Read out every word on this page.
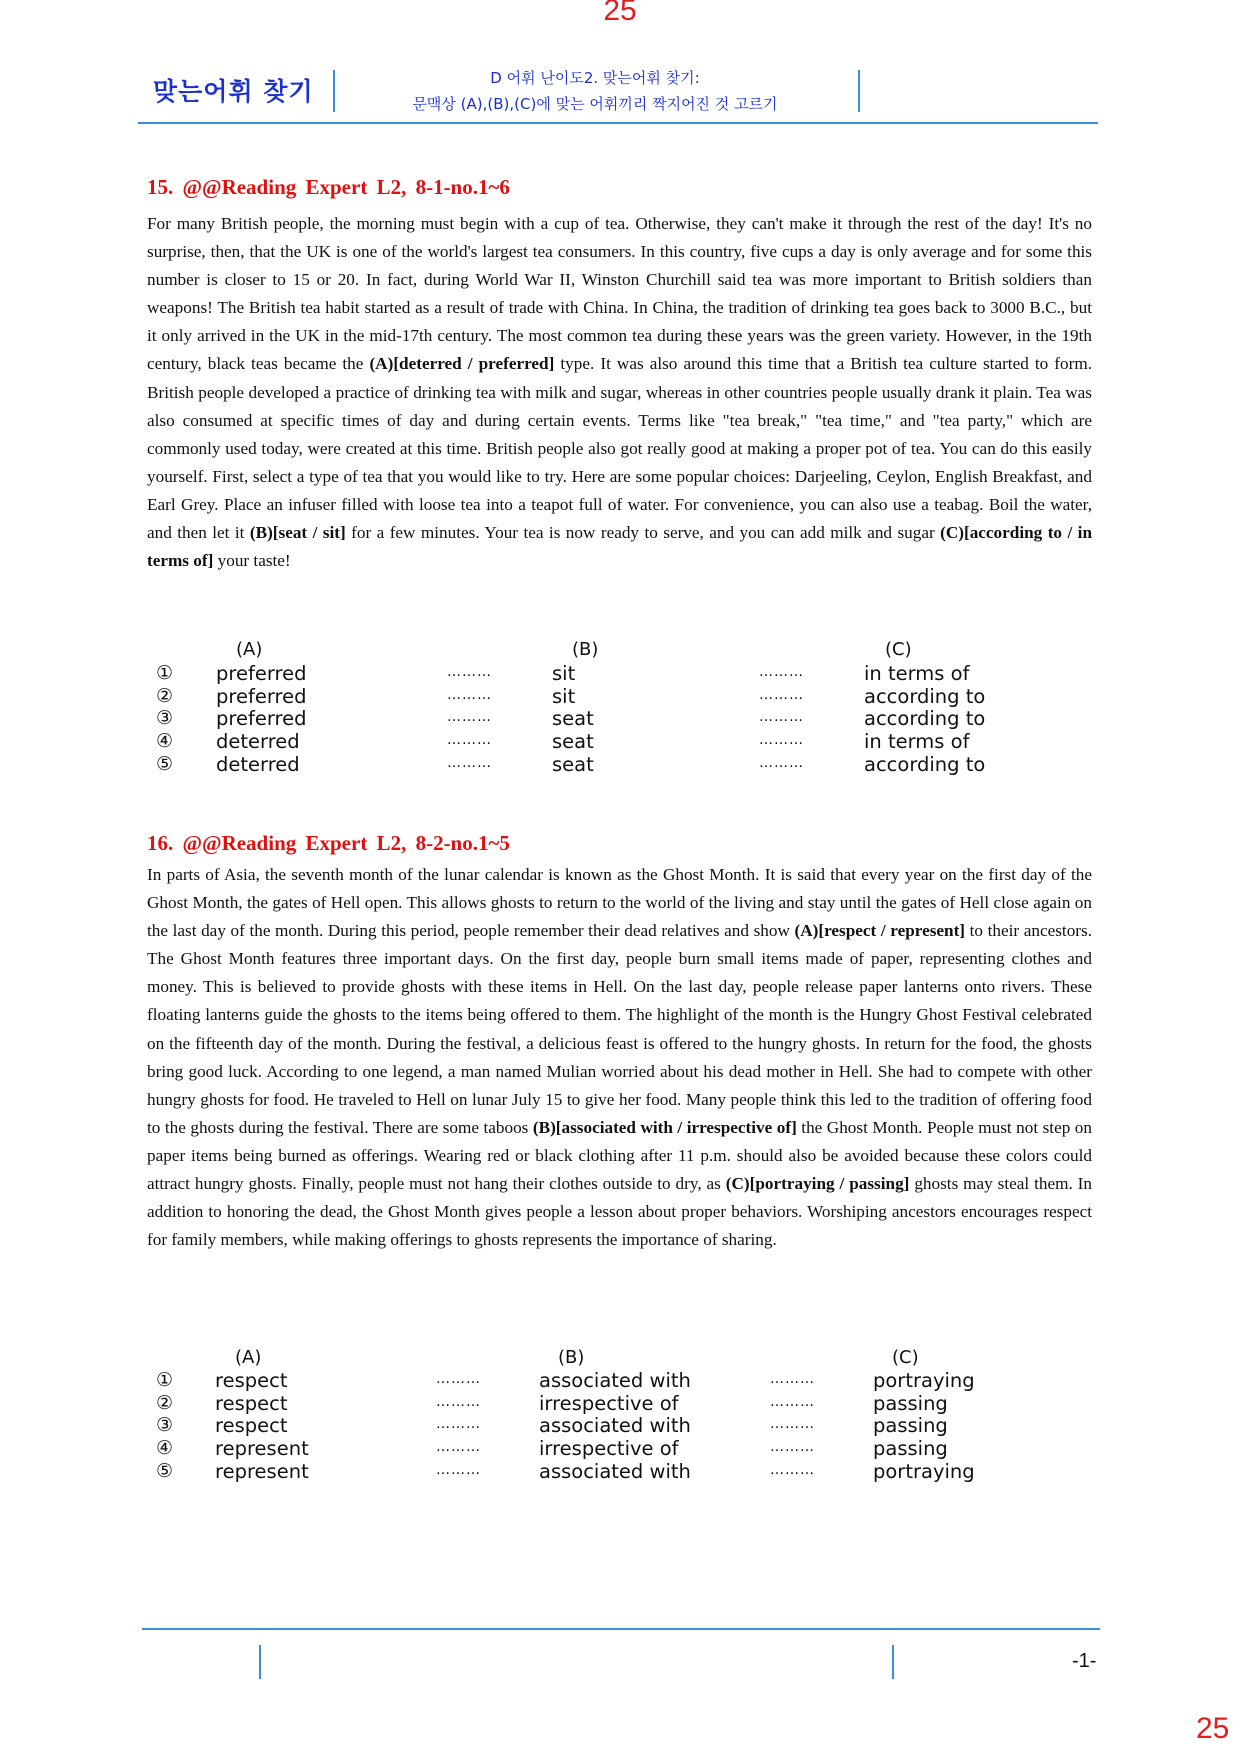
25
맞는어휘 찾기	D 어휘 난이도2. 맞는어휘 찾기:
문맥상 (A),(B),(C)에 맞는 어휘끼리 짝지어진 것 고르기
15. @@Reading Expert L2, 8-1-no.1~6
For many British people, the morning must begin with a cup of tea. Otherwise, they can't make it through the rest of the day! It's no surprise, then, that the UK is one of the world's largest tea consumers. In this country, five cups a day is only average and for some this number is closer to 15 or 20. In fact, during World War II, Winston Churchill said tea was more important to British soldiers than weapons! The British tea habit started as a result of trade with China. In China, the tradition of drinking tea goes back to 3000 B.C., but it only arrived in the UK in the mid-17th century. The most common tea during these years was the green variety. However, in the 19th century, black teas became the (A)[deterred / preferred] type. It was also around this time that a British tea culture started to form. British people developed a practice of drinking tea with milk and sugar, whereas in other countries people usually drank it plain. Tea was also consumed at specific times of day and during certain events. Terms like "tea break," "tea time," and "tea party," which are commonly used today, were created at this time. British people also got really good at making a proper pot of tea. You can do this easily yourself. First, select a type of tea that you would like to try. Here are some popular choices: Darjeeling, Ceylon, English Breakfast, and Earl Grey. Place an infuser filled with loose tea into a teapot full of water. For convenience, you can also use a teabag. Boil the water, and then let it (B)[seat / sit] for a few minutes. Your tea is now ready to serve, and you can add milk and sugar (C)[according to / in terms of] your taste!
(A)	(B)	(C)
① preferred	………	sit	………	in terms of
② preferred	………	sit	………	according to
③ preferred	………	seat	………	according to
④ deterred	………	seat	………	in terms of
⑤ deterred	………	seat	………	according to
16. @@Reading Expert L2, 8-2-no.1~5
In parts of Asia, the seventh month of the lunar calendar is known as the Ghost Month. It is said that every year on the first day of the Ghost Month, the gates of Hell open. This allows ghosts to return to the world of the living and stay until the gates of Hell close again on the last day of the month. During this period, people remember their dead relatives and show (A)[respect / represent] to their ancestors. The Ghost Month features three important days. On the first day, people burn small items made of paper, representing clothes and money. This is believed to provide ghosts with these items in Hell. On the last day, people release paper lanterns onto rivers. These floating lanterns guide the ghosts to the items being offered to them. The highlight of the month is the Hungry Ghost Festival celebrated on the fifteenth day of the month. During the festival, a delicious feast is offered to the hungry ghosts. In return for the food, the ghosts bring good luck. According to one legend, a man named Mulian worried about his dead mother in Hell. She had to compete with other hungry ghosts for food. He traveled to Hell on lunar July 15 to give her food. Many people think this led to the tradition of offering food to the ghosts during the festival. There are some taboos (B)[associated with / irrespective of] the Ghost Month. People must not step on paper items being burned as offerings. Wearing red or black clothing after 11 p.m. should also be avoided because these colors could attract hungry ghosts. Finally, people must not hang their clothes outside to dry, as (C)[portraying / passing] ghosts may steal them. In addition to honoring the dead, the Ghost Month gives people a lesson about proper behaviors. Worshiping ancestors encourages respect for family members, while making offerings to ghosts represents the importance of sharing.
(A)	(B)	(C)
① respect	………	associated with	………	portraying
② respect	………	irrespective of	………	passing
③ respect	………	associated with	………	passing
④ represent	………	irrespective of	………	passing
⑤ represent	………	associated with	………	portraying
-1-
25
